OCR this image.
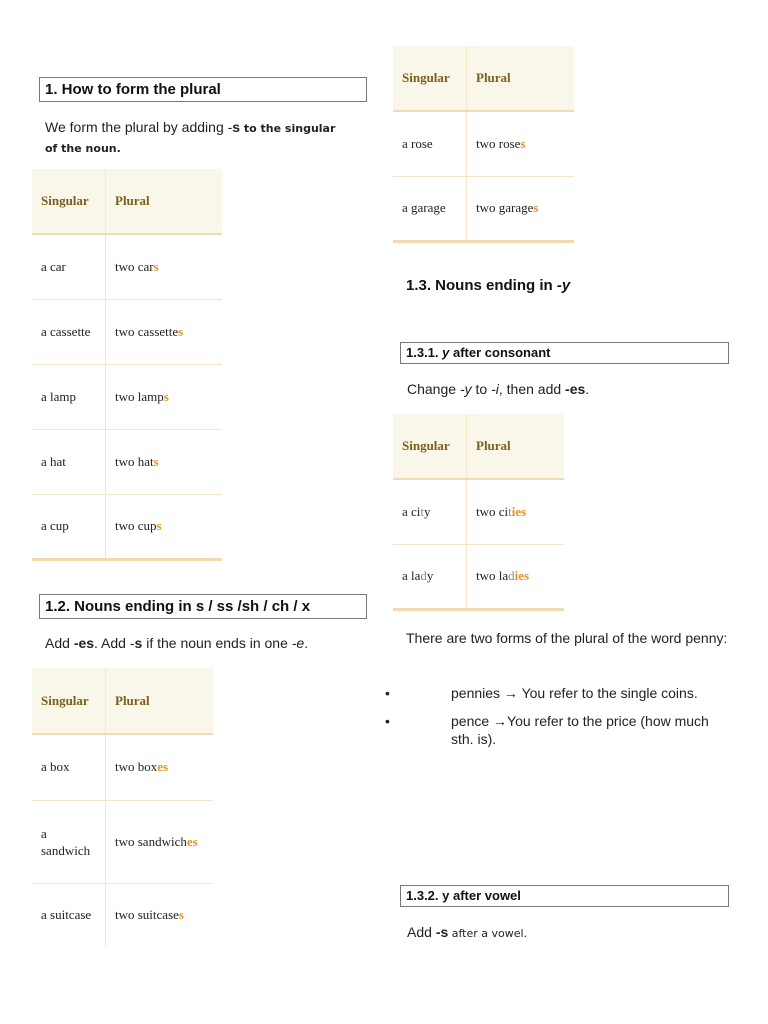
1. How to form the plural
We form the plural by adding -s to the singular
of the noun.
Singular	Plural
a car	two cars
a cassette	two cassettes
a lamp	two lamps
a hat	two hats
a cup	two cups
1.2. Nouns ending in s / ss /sh / ch / x
Add -es. Add -s if the noun ends in one -e.
Singular	Plural
a box	two boxes
a
sandwich	two sandwiches
a suitcase	two suitcases
Singular	Plural
a rose	two roses
a garage	two garages
1.3. Nouns ending in -y
1.3.1. y after consonant
Change -y to -i, then add -es.
Singular	Plural
a city	two cities
a lady	two ladies
There are two forms of the plural of the word penny:
•	pennies → You refer to the single coins.
•	pence →You refer to the price (how much sth. is).
1.3.2. y after vowel
Add -s after a vowel.
